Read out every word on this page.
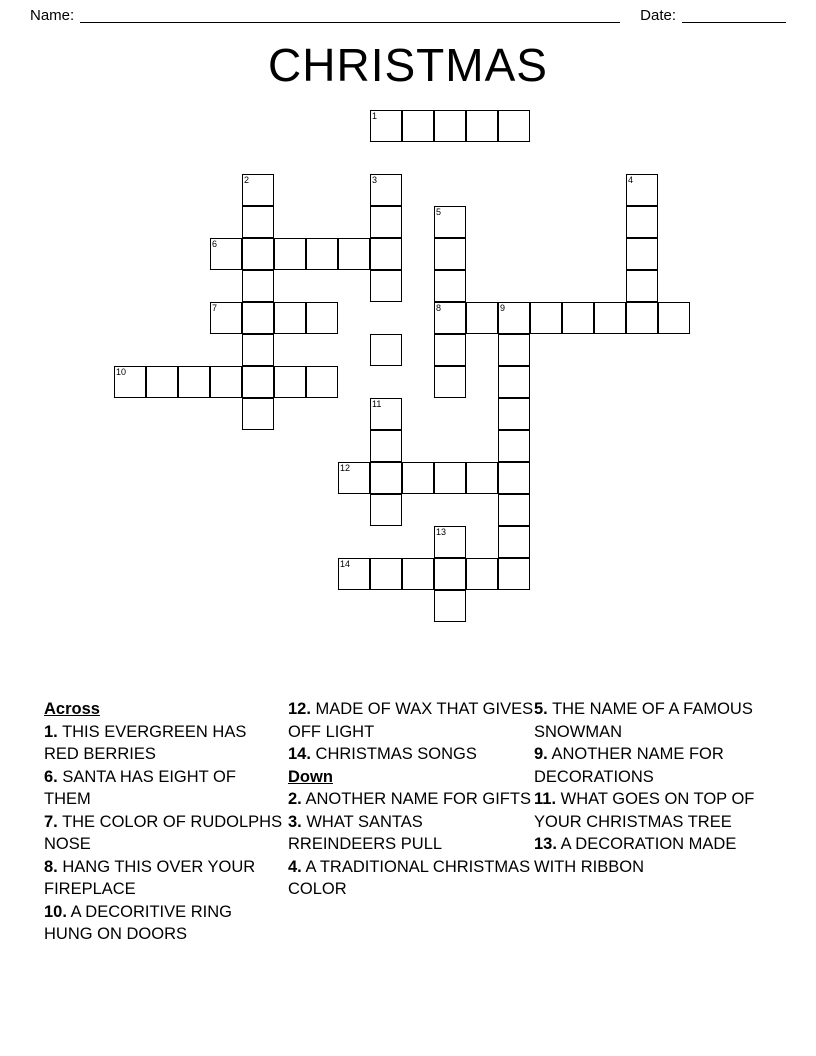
Name:	Date:
CHRISTMAS
1
2	3	4
5
6
7	8	9
10
11
12
13
14
Across

1. THIS EVERGREEN HAS RED BERRIES

6. SANTA HAS EIGHT OF THEM

7. THE COLOR OF RUDOLPHS NOSE

8. HANG THIS OVER YOUR FIREPLACE

10. A DECORITIVE RING HUNG ON DOORS

12. MADE OF WAX THAT GIVES OFF LIGHT

14. CHRISTMAS SONGS

Down

2. ANOTHER NAME FOR GIFTS

3. WHAT SANTAS RREINDEERS PULL

4. A TRADITIONAL CHRISTMAS COLOR

5. THE NAME OF A FAMOUS SNOWMAN

9. ANOTHER NAME FOR DECORATIONS

11. WHAT GOES ON TOP OF YOUR CHRISTMAS TREE

13. A DECORATION MADE WITH RIBBON
